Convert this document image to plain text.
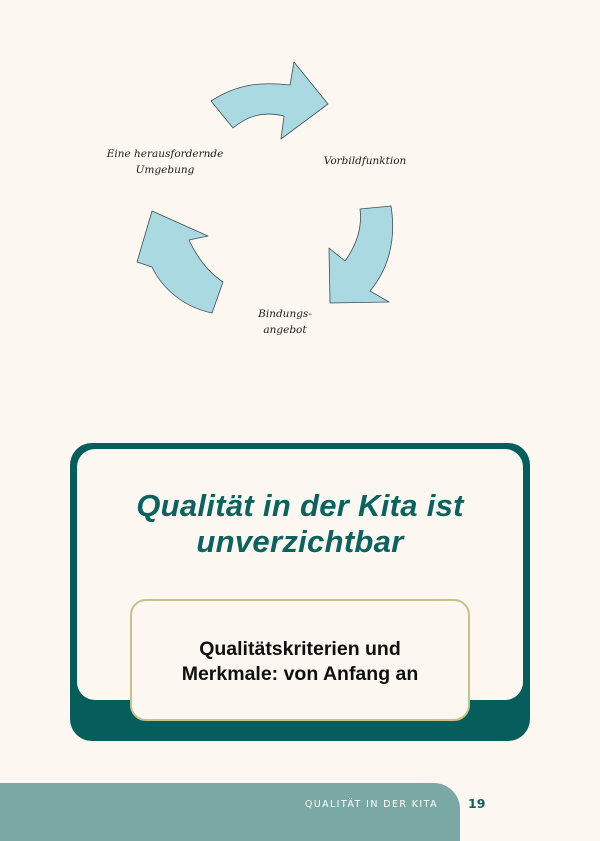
Eine herausfordernde
Umgebung
Vorbildfunktion
Bindungs-
angebot
Qualität in der Kita ist
unverzichtbar
Qualitätskriterien und
Merkmale: von Anfang an
QUALITÄT IN DER KITA 19
